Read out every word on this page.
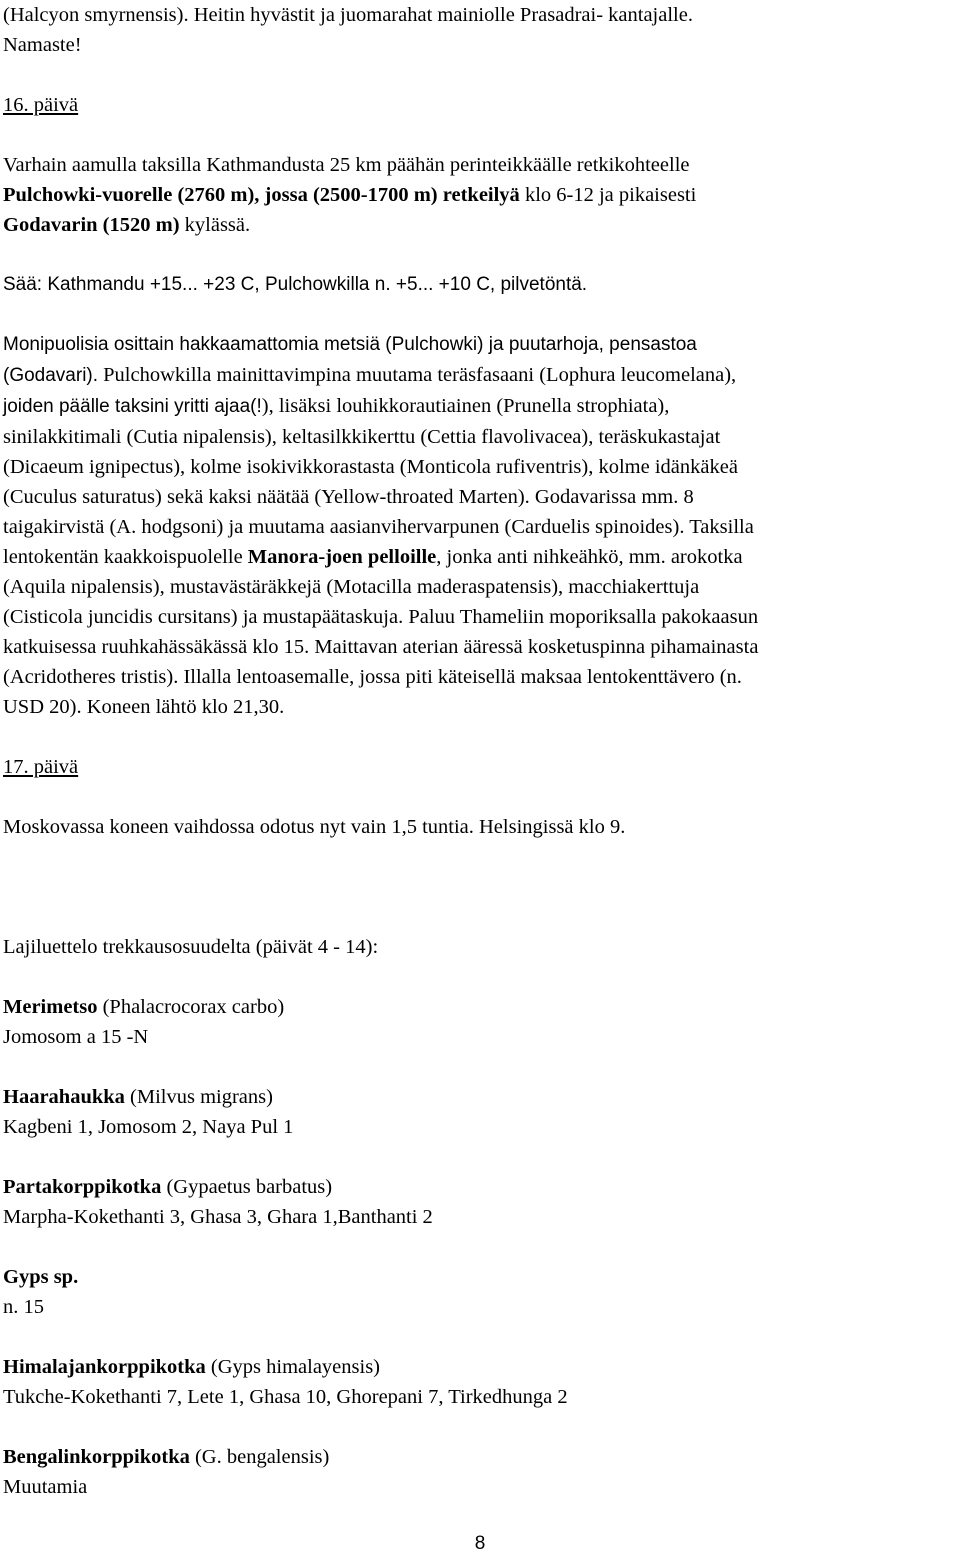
(Halcyon smyrnensis). Heitin hyvästit ja juomarahat mainiolle Prasadrai- kantajalle.

Namaste!

16. päivä

Varhain aamulla taksilla Kathmandusta 25 km päähän perinteikkäälle retkikohteelle

Pulchowki-vuorelle (2760 m), jossa (2500-1700 m) retkeilyä klo 6-12 ja pikaisesti

Godavarin (1520 m) kylässä.

Sää: Kathmandu +15... +23 C, Pulchowkilla n. +5... +10 C, pilvetöntä.

Monipuolisia osittain hakkaamattomia metsiä (Pulchowki) ja puutarhoja, pensastoa

(Godavari). Pulchowkilla mainittavimpina muutama teräsfasaani (Lophura leucomelana),

joiden päälle taksini yritti ajaa(!), lisäksi louhikkorautiainen (Prunella strophiata),

sinilakkitimali (Cutia nipalensis), keltasilkkikerttu (Cettia flavolivacea), teräskukastajat

(Dicaeum ignipectus), kolme isokivikkorastasta (Monticola rufiventris), kolme idänkäkeä

(Cuculus saturatus) sekä kaksi näätää (Yellow-throated Marten). Godavarissa mm. 8

taigakirvistä (A. hodgsoni) ja muutama aasianvihervarpunen (Carduelis spinoides). Taksilla

lentokentän kaakkoispuolelle Manora-joen pelloille, jonka anti nihkeähkö, mm. arokotka

(Aquila nipalensis), mustavästäräkkejä (Motacilla maderaspatensis), macchiakerttuja

(Cisticola juncidis cursitans) ja mustapäätaskuja. Paluu Thameliin moporiksalla pakokaasun

katkuisessa ruuhkahässäkässä klo 15. Maittavan aterian ääressä kosketuspinna pihamainasta

(Acridotheres tristis). Illalla lentoasemalle, jossa piti käteisellä maksaa lentokenttävero (n.

USD 20). Koneen lähtö klo 21,30.

17. päivä

Moskovassa koneen vaihdossa odotus nyt vain 1,5 tuntia. Helsingissä klo 9.

Lajiluettelo trekkausosuudelta (päivät 4 - 14):

Merimetso (Phalacrocorax carbo)

Jomosom a 15 -N

Haarahaukka (Milvus migrans)

Kagbeni 1, Jomosom 2, Naya Pul 1

Partakorppikotka (Gypaetus barbatus)

Marpha-Kokethanti 3, Ghasa 3, Ghara 1,Banthanti 2

Gyps sp.

n. 15

Himalajankorppikotka (Gyps himalayensis)

Tukche-Kokethanti 7, Lete 1, Ghasa 10, Ghorepani 7, Tirkedhunga 2

Bengalinkorppikotka (G. bengalensis)

Muutamia

8
